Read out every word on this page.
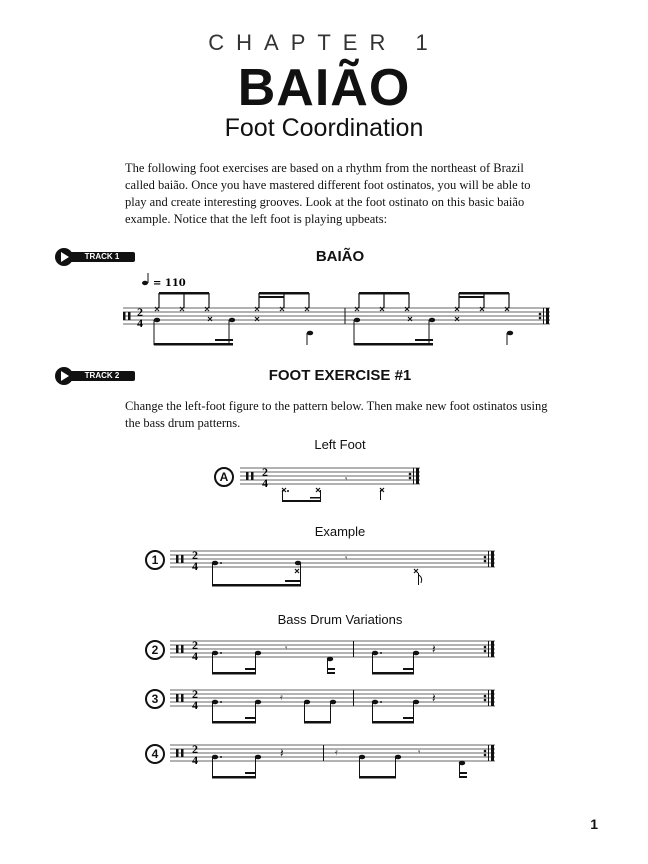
CHAPTER 1
BAIÃO
Foot Coordination
The following foot exercises are based on a rhythm from the northeast of Brazil called baião. Once you have mastered different foot ostinatos, you will be able to play and create interesting grooves. Look at the foot ostinato on this basic baião example. Notice that the left foot is playing upbeats:
TRACK 1	BAIÃO
= 110
2
4
TRACK 2	FOOT EXERCISE #1
Change the left-foot figure to the pattern below. Then make new foot ostinatos using the bass drum patterns.
Left Foot
A	2
4	𝄾
Example
1	2
4
𝄾
Bass Drum Variations
2	2
4
𝄾	𝄽
3	2
4
𝄿	𝄽
4	2
4	𝄽	𝄿	𝄾
1
